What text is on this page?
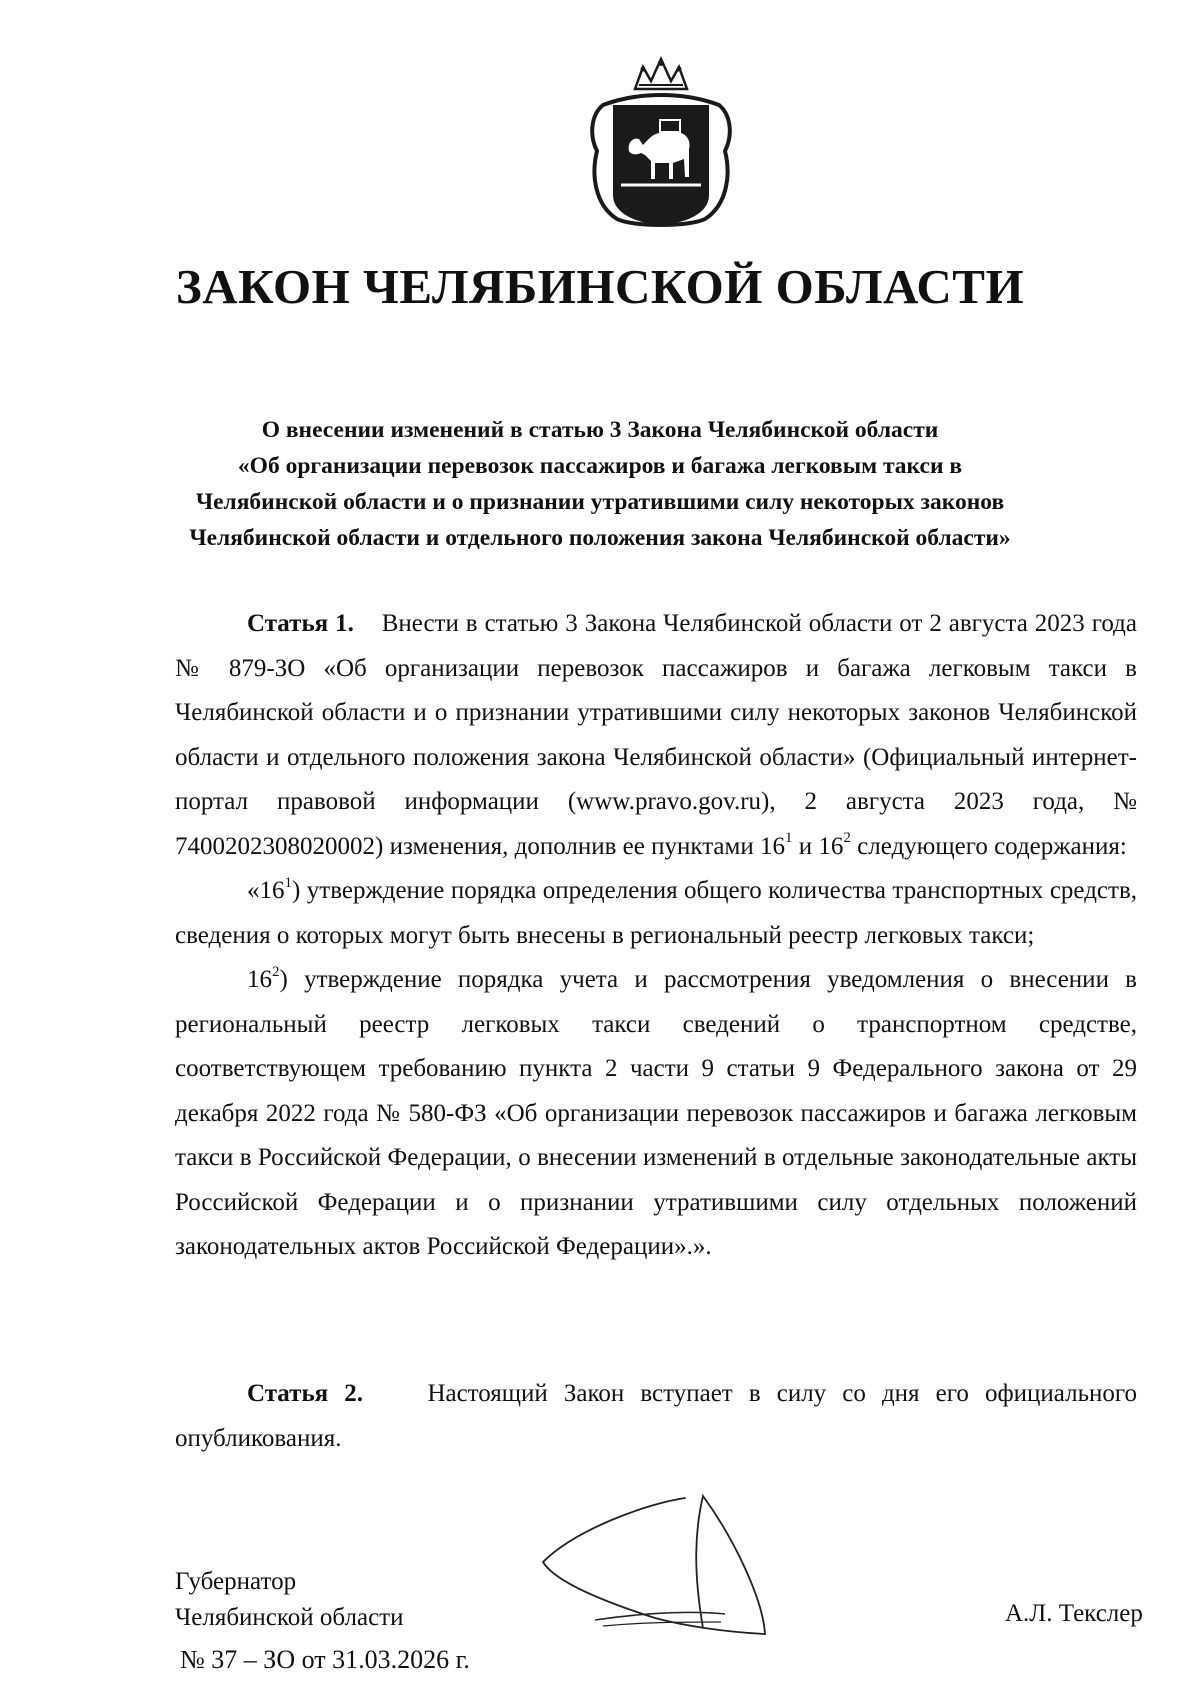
ЗАКОН ЧЕЛЯБИНСКОЙ ОБЛАСТИ
О внесении изменений в статью 3 Закона Челябинской области
«Об организации перевозок пассажиров и багажа легковым такси в
Челябинской области и о признании утратившими силу некоторых законов
Челябинской области и отдельного положения закона Челябинской области»

Статья 1. Внести в статью 3 Закона Челябинской области от 2 августа 2023 года № 879-ЗО «Об организации перевозок пассажиров и багажа легковым такси в Челябинской области и о признании утратившими силу некоторых законов Челябинской области и отдельного положения закона Челябинской области» (Официальный интернет-портал правовой информации (www.pravo.gov.ru), 2 августа 2023 года, № 7400202308020002) изменения, дополнив ее пунктами $16^1$ и $16^2$ следующего содержания:

«$16^1$) утверждение порядка определения общего количества транспортных средств, сведения о которых могут быть внесены в региональный реестр легковых такси;

$16^2$) утверждение порядка учета и рассмотрения уведомления о внесении в региональный реестр легковых такси сведений о транспортном средстве, соответствующем требованию пункта 2 части 9 статьи 9 Федерального закона от 29 декабря 2022 года № 580-ФЗ «Об организации перевозок пассажиров и багажа легковым такси в Российской Федерации, о внесении изменений в отдельные законодательные акты Российской Федерации и о признании утратившими силу отдельных положений законодательных актов Российской Федерации».».

Статья 2.	Настоящий Закон вступает в силу со дня его официального опубликования.

Губернатор
Челябинской области	А.Л. Текслер
№ 37 – ЗО от 31.03.2026 г.
